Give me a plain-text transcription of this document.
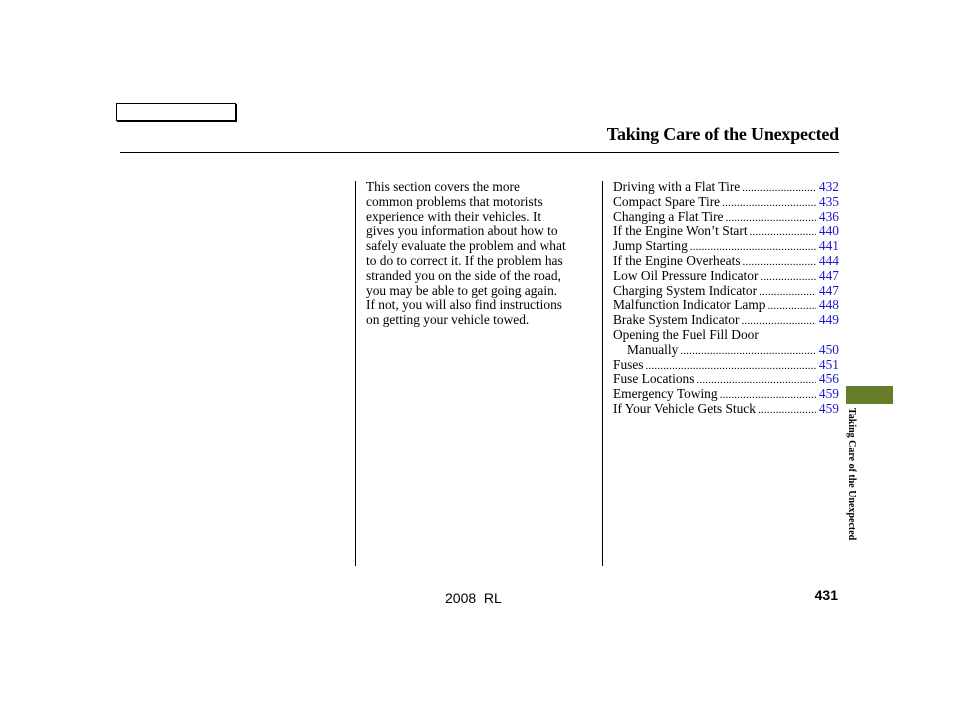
Taking Care of the Unexpected
This section covers the more
common problems that motorists
experience with their vehicles. It
gives you information about how to
safely evaluate the problem and what
to do to correct it. If the problem has
stranded you on the side of the road,
you may be able to get going again.
If not, you will also find instructions
on getting your vehicle towed.
Driving with a Flat Tire .....	432
Compact Spare Tire .....	435
Changing a Flat Tire .....	436
If the Engine Won’t Start .....	440
Jump Starting .....	441
If the Engine Overheats .....	444
Low Oil Pressure Indicator .....	447
Charging System Indicator .....	447
Malfunction Indicator Lamp .....	448
Brake System Indicator .....	449
Opening the Fuel Fill Door
Manually .....	450
Fuses .....	451
Fuse Locations .....	456
Emergency Towing .....	459
If Your Vehicle Gets Stuck .....	459 Taking Care of the Unexpected
2008  RL	431
